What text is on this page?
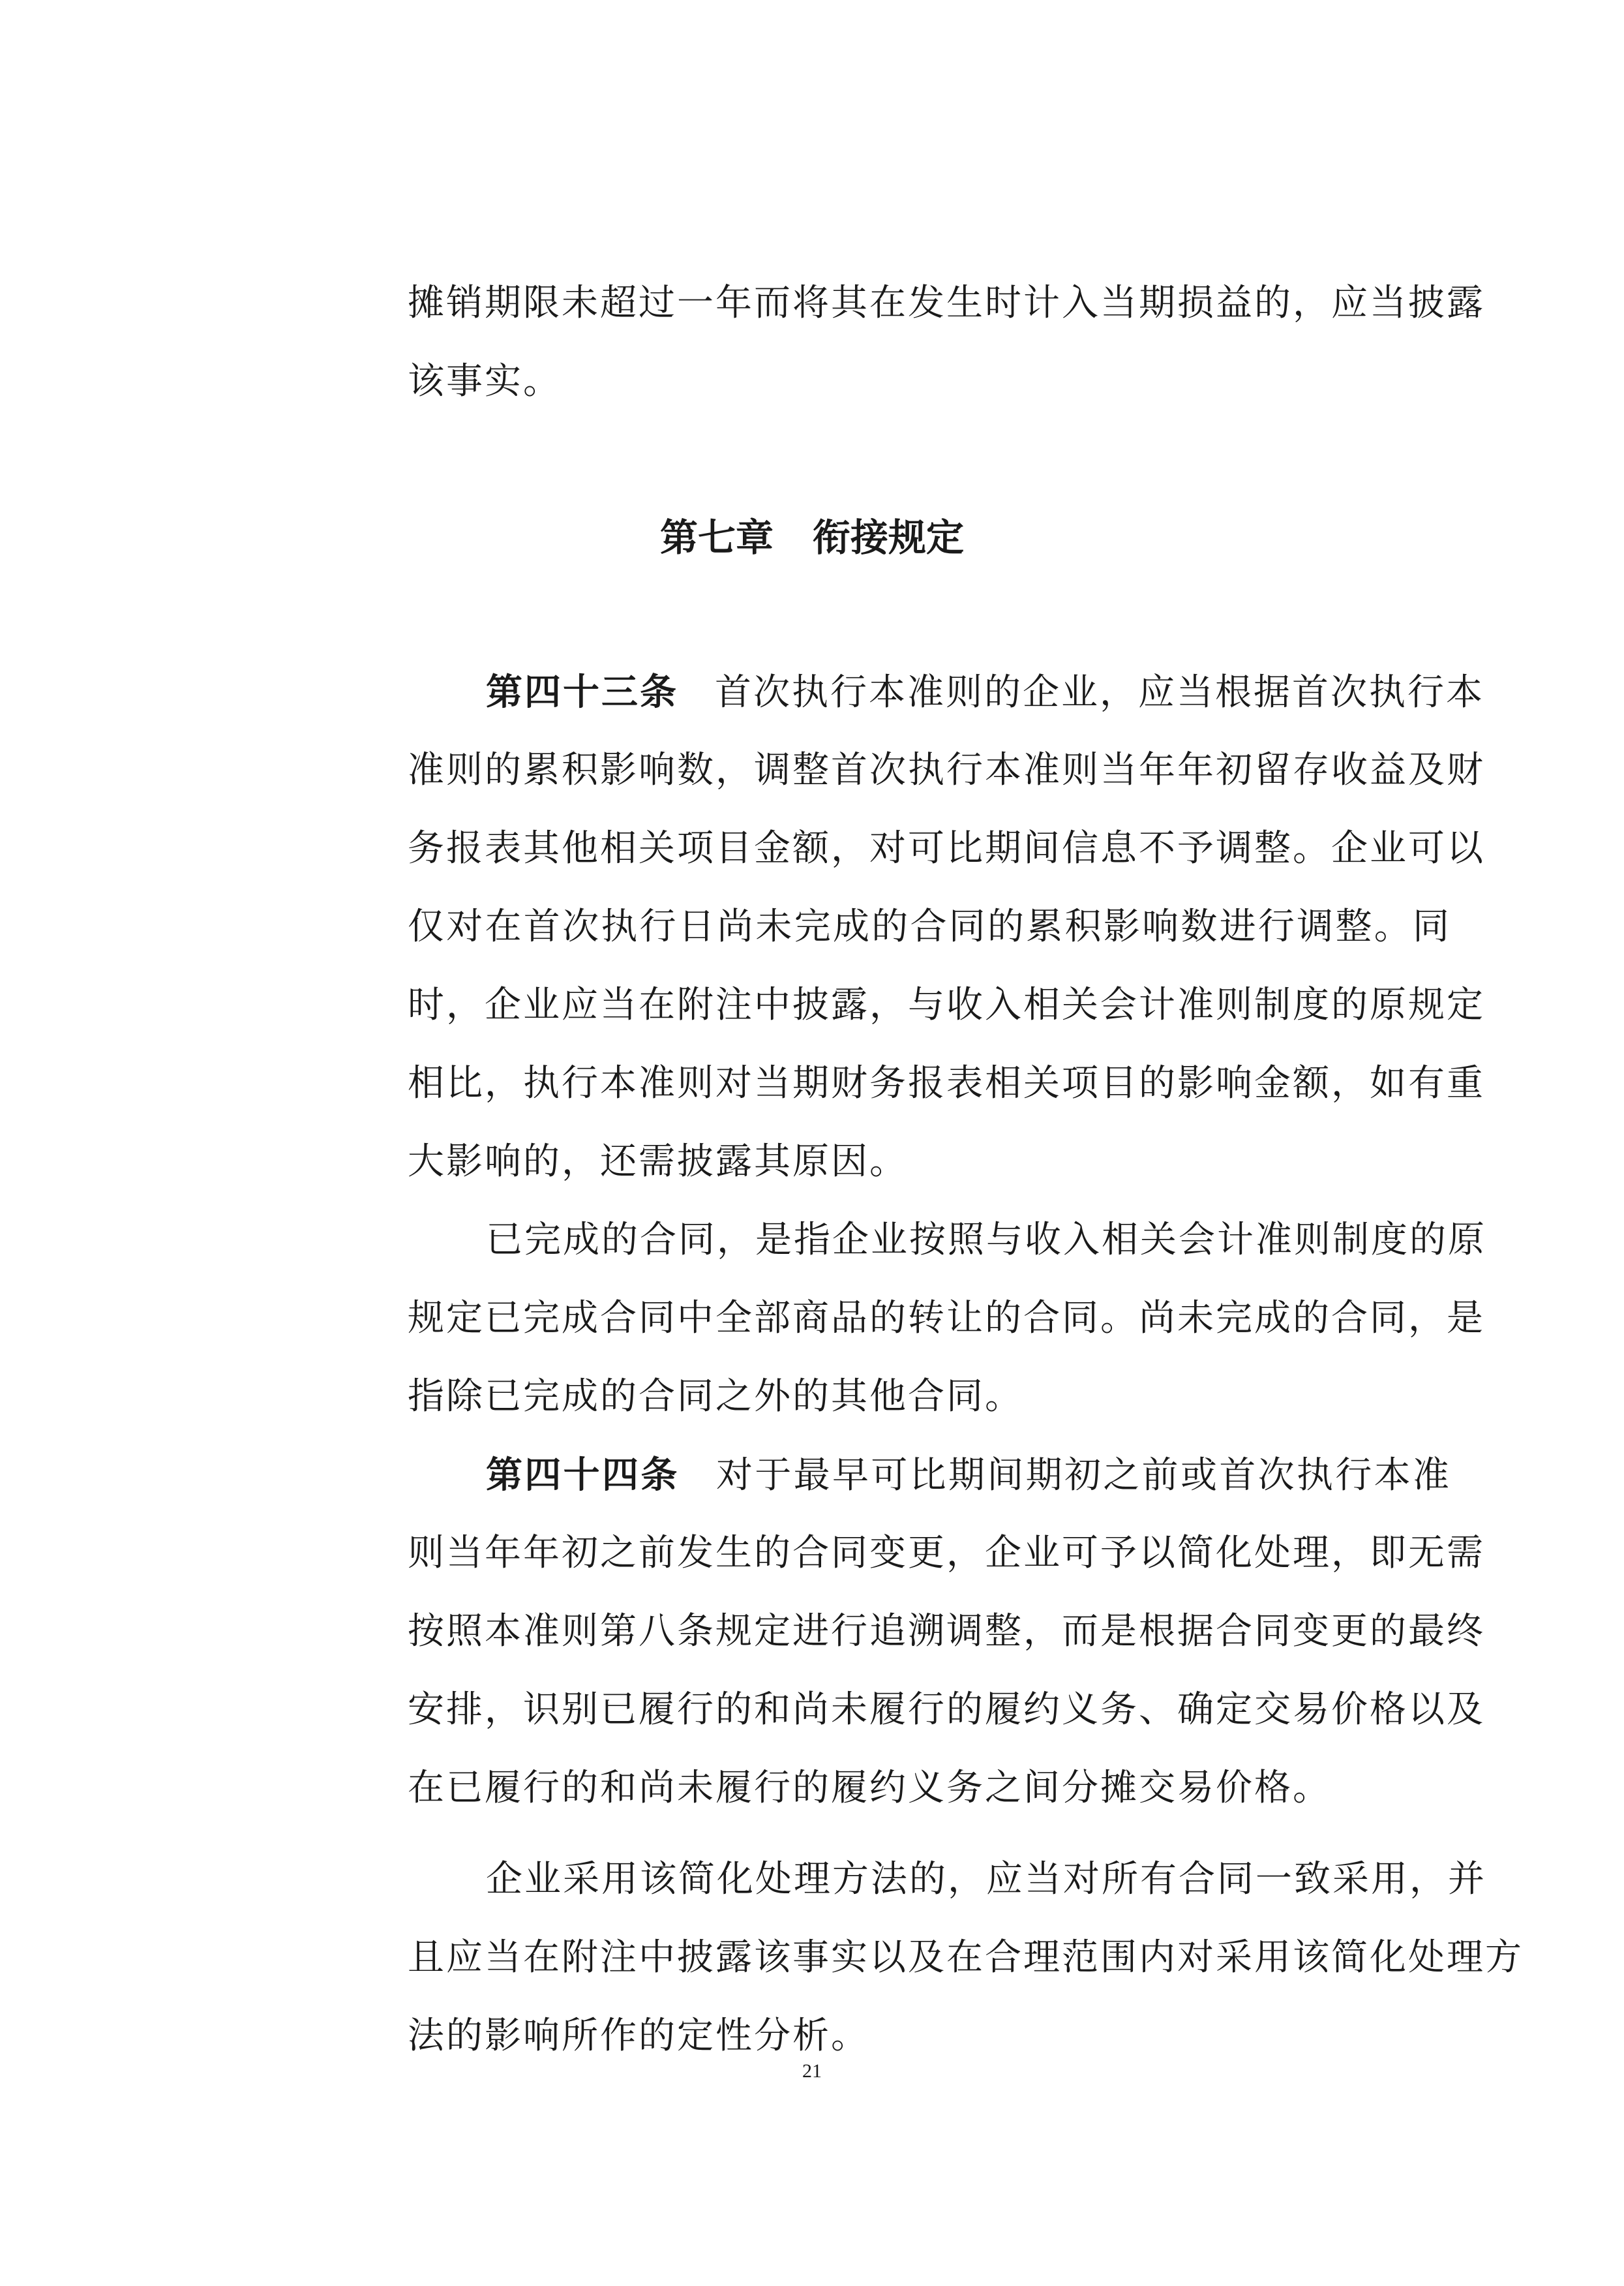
摊销期限未超过一年而将其在发生时计入当期损益的，应当披露
该事实。
第七章 衔接规定
第四十三条 首次执行本准则的企业，应当根据首次执行本
准则的累积影响数，调整首次执行本准则当年年初留存收益及财
务报表其他相关项目金额，对可比期间信息不予调整。企业可以
仅对在首次执行日尚未完成的合同的累积影响数进行调整。同
时，企业应当在附注中披露，与收入相关会计准则制度的原规定
相比，执行本准则对当期财务报表相关项目的影响金额，如有重
大影响的，还需披露其原因。
已完成的合同，是指企业按照与收入相关会计准则制度的原
规定已完成合同中全部商品的转让的合同。尚未完成的合同，是
指除已完成的合同之外的其他合同。
第四十四条 对于最早可比期间期初之前或首次执行本准
则当年年初之前发生的合同变更，企业可予以简化处理，即无需
按照本准则第八条规定进行追溯调整，而是根据合同变更的最终
安排，识别已履行的和尚未履行的履约义务、确定交易价格以及
在已履行的和尚未履行的履约义务之间分摊交易价格。
企业采用该简化处理方法的，应当对所有合同一致采用，并
且应当在附注中披露该事实以及在合理范围内对采用该简化处理方
法的影响所作的定性分析。
21
